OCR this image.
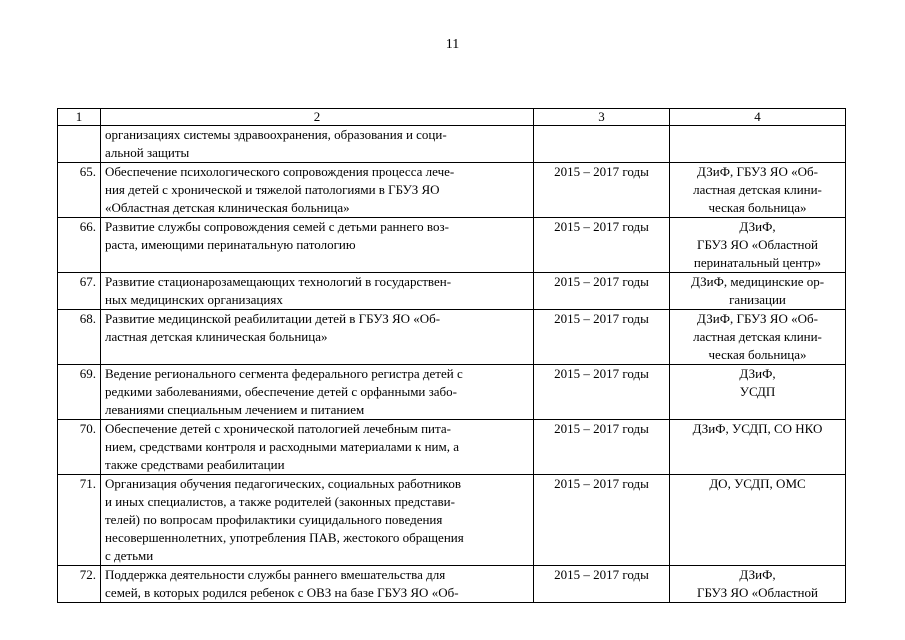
11
1	2	3	4
	организациях системы здравоохранения, образования и соци-
альной защиты		
65.	Обеспечение психологического сопровождения процесса лече-
ния детей с хронической и тяжелой патологиями в ГБУЗ ЯО
«Областная детская клиническая больница»	2015 – 2017 годы	ДЗиФ, ГБУЗ ЯО «Об-
ластная детская клини-
ческая больница»
66.	Развитие службы сопровождения семей с детьми раннего воз-
раста, имеющими перинатальную патологию	2015 – 2017 годы	ДЗиФ,
ГБУЗ ЯО «Областной
перинатальный центр»
67.	Развитие стационарозамещающих технологий в государствен-
ных медицинских организациях	2015 – 2017 годы	ДЗиФ, медицинские ор-
ганизации
68.	Развитие медицинской реабилитации детей в ГБУЗ ЯО «Об-
ластная детская клиническая больница»	2015 – 2017 годы	ДЗиФ, ГБУЗ ЯО «Об-
ластная детская клини-
ческая больница»
69.	Ведение регионального сегмента федерального регистра детей с
редкими заболеваниями, обеспечение детей с орфанными забо-
леваниями специальным лечением и питанием	2015 – 2017 годы	ДЗиФ,
УСДП
70.	Обеспечение детей с хронической патологией лечебным пита-
нием, средствами контроля и расходными материалами к ним, а
также средствами реабилитации	2015 – 2017 годы	ДЗиФ, УСДП, СО НКО
71.	Организация обучения педагогических, социальных работников
и иных специалистов, а также родителей (законных представи-
телей) по вопросам профилактики суицидального поведения
несовершеннолетних, употребления ПАВ, жестокого обращения
с детьми	2015 – 2017 годы	ДО, УСДП, ОМС
72.	Поддержка деятельности службы раннего вмешательства для
семей, в которых родился ребенок с ОВЗ на базе ГБУЗ ЯО «Об-	2015 – 2017 годы	ДЗиФ,
ГБУЗ ЯО «Областной
